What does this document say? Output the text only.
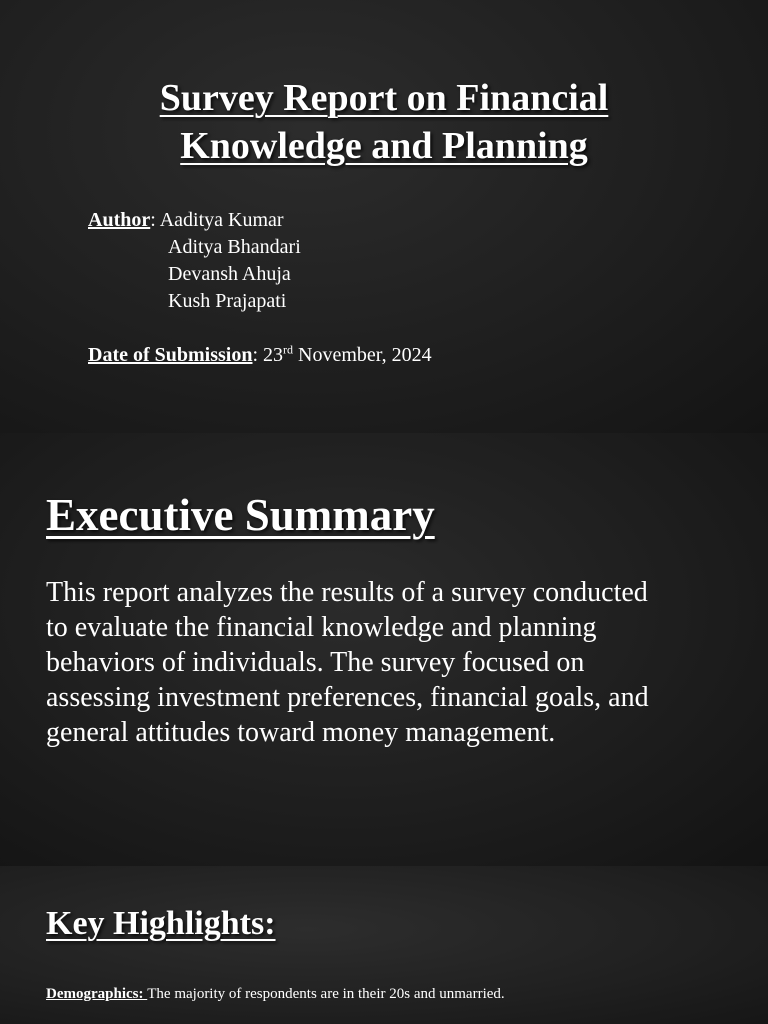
Survey Report on Financial
Knowledge and Planning
Author: Aaditya Kumar
Aditya Bhandari
Devansh Ahuja
Kush Prajapati
Date of Submission: 23rd November, 2024
Executive Summary
This report analyzes the results of a survey conducted to evaluate the financial knowledge and planning behaviors of individuals. The survey focused on assessing investment preferences, financial goals, and general attitudes toward money management.
Key Highlights:
Demographics: The majority of respondents are in their 20s and unmarried.
